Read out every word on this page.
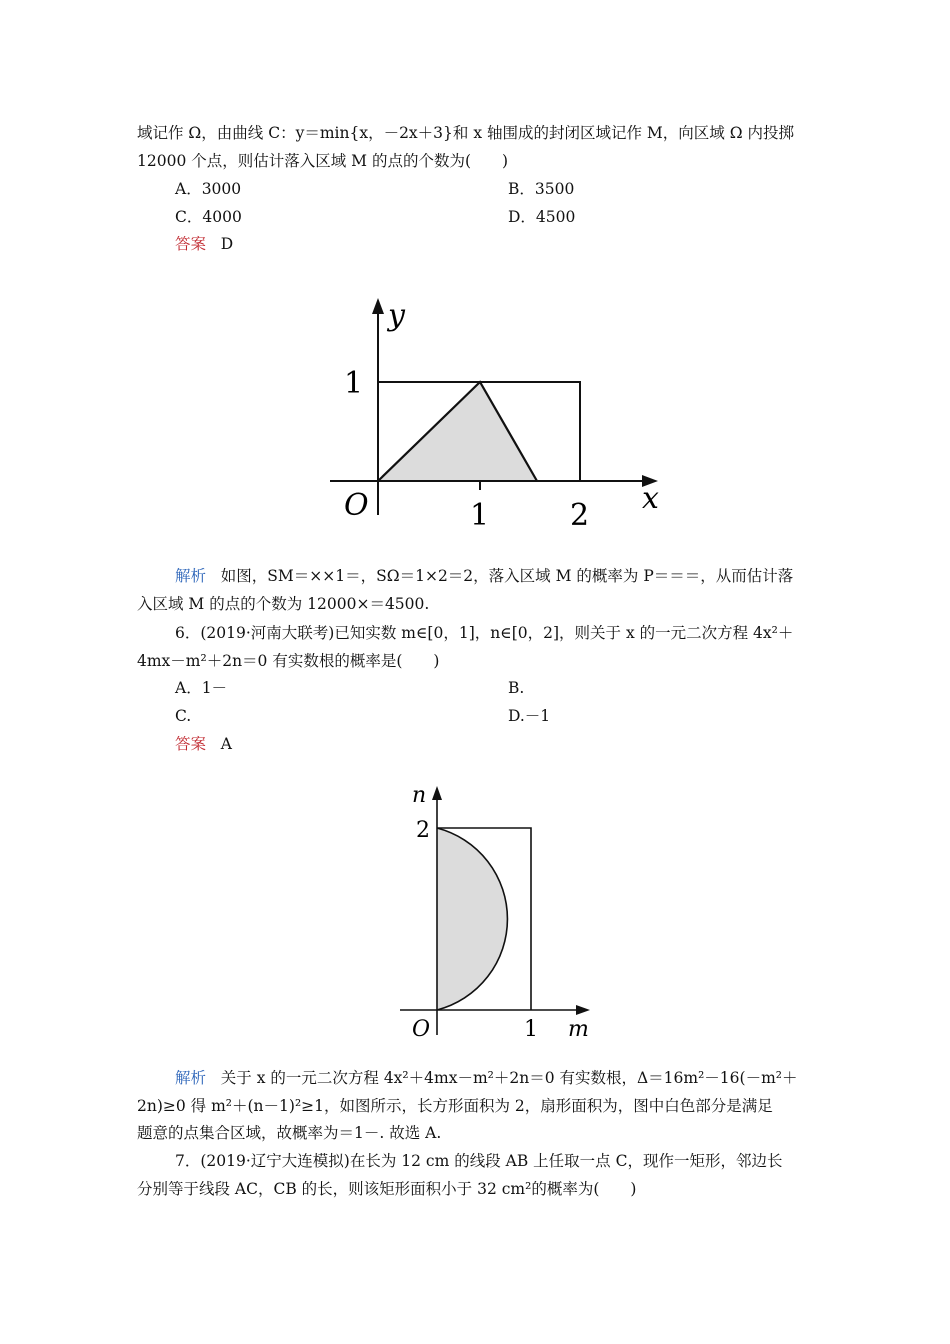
域记作 Ω，由曲线 C：y＝min{x，－2x＋3}和 x 轴围成的封闭区域记作 M，向区域 Ω 内投掷
12000 个点，则估计落入区域 M 的点的个数为(　　)
A．3000	B．3500
C．4000	D．4500
答案 D
y
x
O
1
1	2
解析 如图，SM＝××1＝，SΩ＝1×2＝2，落入区域 M 的概率为 P＝＝＝，从而估计落
入区域 M 的点的个数为 12000×＝4500.
6．(2019·河南大联考)已知实数 m∈[0，1]，n∈[0，2]，则关于 x 的一元二次方程 4x²＋
4mx－m²＋2n＝0 有实数根的概率是(　　)
A．1－	B.
C.	D.－1
答案 A
n
m
O
2
1
解析 关于 x 的一元二次方程 4x²＋4mx－m²＋2n＝0 有实数根，Δ＝16m²－16(－m²＋
2n)≥0 得 m²＋(n－1)²≥1，如图所示，长方形面积为 2，扇形面积为，图中白色部分是满足
题意的点集合区域，故概率为＝1－. 故选 A.
7．(2019·辽宁大连模拟)在长为 12 cm 的线段 AB 上任取一点 C，现作一矩形，邻边长
分别等于线段 AC，CB 的长，则该矩形面积小于 32 cm²的概率为(　　)
